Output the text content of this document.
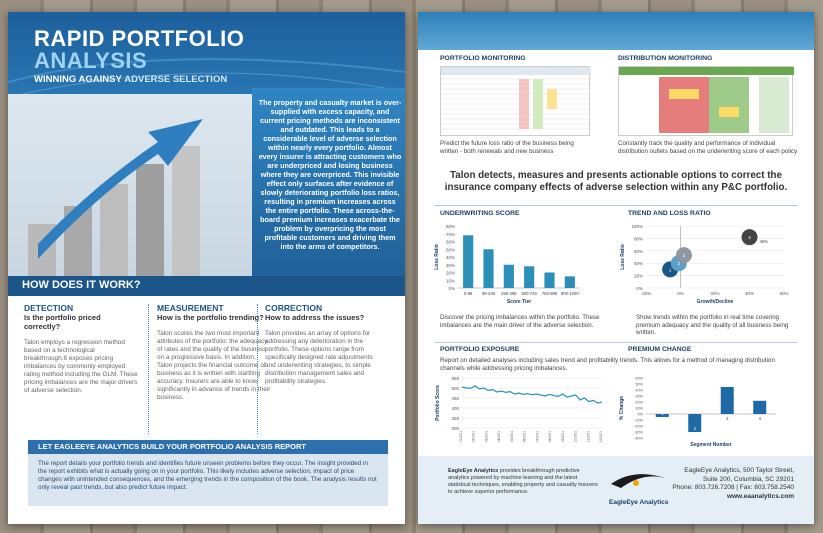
RAPID PORTFOLIO
ANALYSIS
WINNING AGAINSY ADVERSE SELECTION
The property and casualty market is over-supplied with excess capacity, and current pricing methods are inconsistent and outdated. This leads to a considerable level of adverse selection within nearly every portfolio. Almost every insurer is attracting customers who are underpriced and losing business where they are overpriced. This invisible effect only surfaces after evidence of slowly deteriorating portfolio loss ratios, resulting in premium increases across the entire portfolio. These across-the-board premium increases exacerbate the problem by overpricing the most profitable customers and driving them into the arms of competitors.
HOW DOES IT WORK?
DETECTION
Is the portfolio priced correctly?
Talon employs a regression method based on a technological breakthrough.It exposes pricing imbalances by commonly employed rating method including the GLM. These pricing imbalances are the major drivers of adverse selection.
MEASUREMENT
How is the portfolio trending?
Talon scores the two most important attributes of the portfolio: the adequacy of rates and the quality of the business on a progressive basis. In addition, Talon projects the financial outcome of business as it is written with startling accuracy. Insurers are able to know significantly in advance of trends in their business.
CORRECTION
How to address the issues?
Talon provides an array of options for addressing any deterioration in the portfolio. These options range from specifically designed rate adjustments and underwriting strategies, to simple distribution management sales and profitability strategies.
LET EAGLEEYE ANALYTICS BUILD YOUR PORTFOLIO ANALYSIS REPORT
The report details your portfolio trends and identifies future unseen problems before they occur. The insight provided in the report exhibits what is actually going on in your portfolio. This likely includes adverse selection, impact of price changes with unintended consequences, and the emerging trends in the composition of the book. The analysis results not only reveal past trends, but also predict future impact.
PORTFOLIO MONITORING	DISTRIBUTION MONITORING
Predict the future loss ratio of the business being written - both renewals and new business
Constantly track the quality and performance of individual distribution outlets based on the underwriting score of each policy
Talon detects, measures and presents actionable options to correct the insurance company effects of adverse selection within any P&C portfolio.
UNDERWRITING SCORE	TREND AND LOSS RATIO
0%
10%
20%
30%
40%
50%
60%
70%
80%
0-98 99-249 250-499 500-749 750-899 900-1000
Score Tier
Loss Ratio
0%
20%
40%
60%
80%
100%
-20%	0%	20%	40%	60%
1
2
3
4
45%
Growth/Decline
Loss Ratio
Discover the pricing imbalances within the portfolio. These imbalances are the main driver of the adverse selection.
Show trends within the portfolio in real time covering premium adequacy and the quality of all business being written.
PORTFOLIO EXPOSURE	PREMIUM CHANGE
Report on detailed analyses including sales trend and profitability trends. This allows for a method of managing distribution channels while addressing pricing imbalances.
300
350
400
450
500
550
01/1/01	02/1/01	03/1/01	04/1/01	05/1/01	06/1/01	07/1/01	08/1/01	09/1/01	10/1/01	11/1/01	12/1/01
Portfolio Score
-40%
-30%
-20%
-10%
0%
10%
20%
30%
40%
50%
60%
1
2
3	4
Segment Number
% Change
EagleEye Analytics provides breakthrough predictive analytics powered by machine learning and the latest statistical techniques, enabling property and casualty insurers to achieve superior performance.
EagleEye Analytics
EagleEye Analytics, 500 Taylor Street,
Suite 200, Columbia, SC 29201
Phone: 803.726.7208 | Fax: 803.758.2540
www.eaanalytics.com
